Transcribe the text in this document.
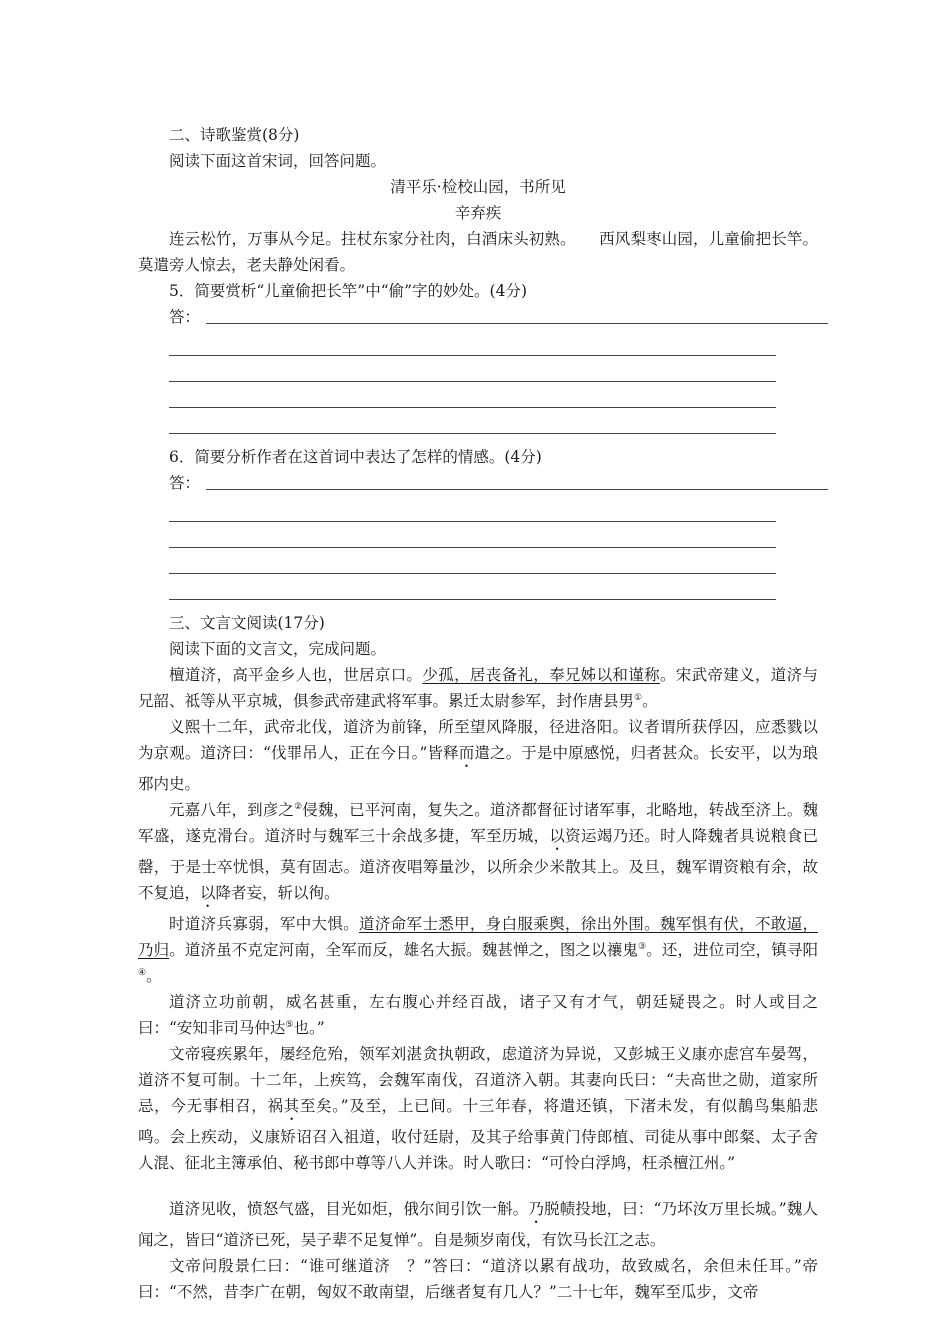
二、诗歌鉴赏(8分)

阅读下面这首宋词，回答问题。

清平乐·检校山园，书所见

辛弃疾

连云松竹，万事从今足。拄杖东家分社肉，白酒床头初熟。　　西风梨枣山园，儿童偷把长竿。莫遣旁人惊去，老夫静处闲看。

5．简要赏析“儿童偷把长竿”中“偷”字的妙处。(4分)

答：

6．简要分析作者在这首词中表达了怎样的情感。(4分)

答：

三、文言文阅读(17分)

阅读下面的文言文，完成问题。

檀道济，高平金乡人也，世居京口。少孤，居丧备礼，奉兄姊以和谨称。宋武帝建义，道济与兄韶、祗等从平京城，俱参武帝建武将军事。累迁太尉参军，封作唐县男①。

义熙十二年，武帝北伐，道济为前锋，所至望风降服，径进洛阳。议者谓所获俘囚，应悉戮以为京观。道济曰：“伐罪吊人，正在今日。”皆释而遣之。于是中原感悦，归者甚众。长安平，以为琅邪内史。

元嘉八年，到彦之②侵魏，已平河南，复失之。道济都督征讨诸军事，北略地，转战至济上。魏军盛，遂克滑台。道济时与魏军三十余战多捷，军至历城，以资运竭乃还。时人降魏者具说粮食已罄，于是士卒忧惧，莫有固志。道济夜唱筹量沙，以所余少米散其上。及旦，魏军谓资粮有余，故不复追，以降者妄，斩以徇。

时道济兵寡弱，军中大惧。道济命军士悉甲，身白服乘舆，徐出外围。魏军惧有伏，不敢逼，乃归。道济虽不克定河南，全军而反，雄名大振。魏甚惮之，图之以禳鬼③。还，进位司空，镇寻阳④。

道济立功前朝，威名甚重，左右腹心并经百战，诸子又有才气，朝廷疑畏之。时人或目之曰：“安知非司马仲达⑤也。”

文帝寝疾累年，屡经危殆，领军刘湛贪执朝政，虑道济为异说，又彭城王义康亦虑宫车晏驾，道济不复可制。十二年，上疾笃，会魏军南伐，召道济入朝。其妻向氏曰：“夫高世之勋，道家所忌，今无事相召，祸其至矣。”及至，上已间。十三年春，将遣还镇，下渚未发，有似鶄鸟集船悲鸣。会上疾动，义康矫诏召入祖道，收付廷尉，及其子给事黄门侍郎植、司徒从事中郎粲、太子舍人混、征北主簿承伯、秘书郎中尊等八人并诛。时人歌曰：“可怜白浮鸠，枉杀檀江州。”

道济见收，愤怒气盛，目光如炬，俄尔间引饮一斛。乃脱帻投地，曰：“乃坏汝万里长城。”魏人闻之，皆曰“道济已死，吴子辈不足复惮”。自是频岁南伐，有饮马长江之志。

文帝问殷景仁曰：“谁可继道济　？”答曰：“道济以累有战功，故致威名，余但未任耳。”帝曰：“不然，昔李广在朝，匈奴不敢南望，后继者复有几人？”二十七年，魏军至瓜步，文帝
